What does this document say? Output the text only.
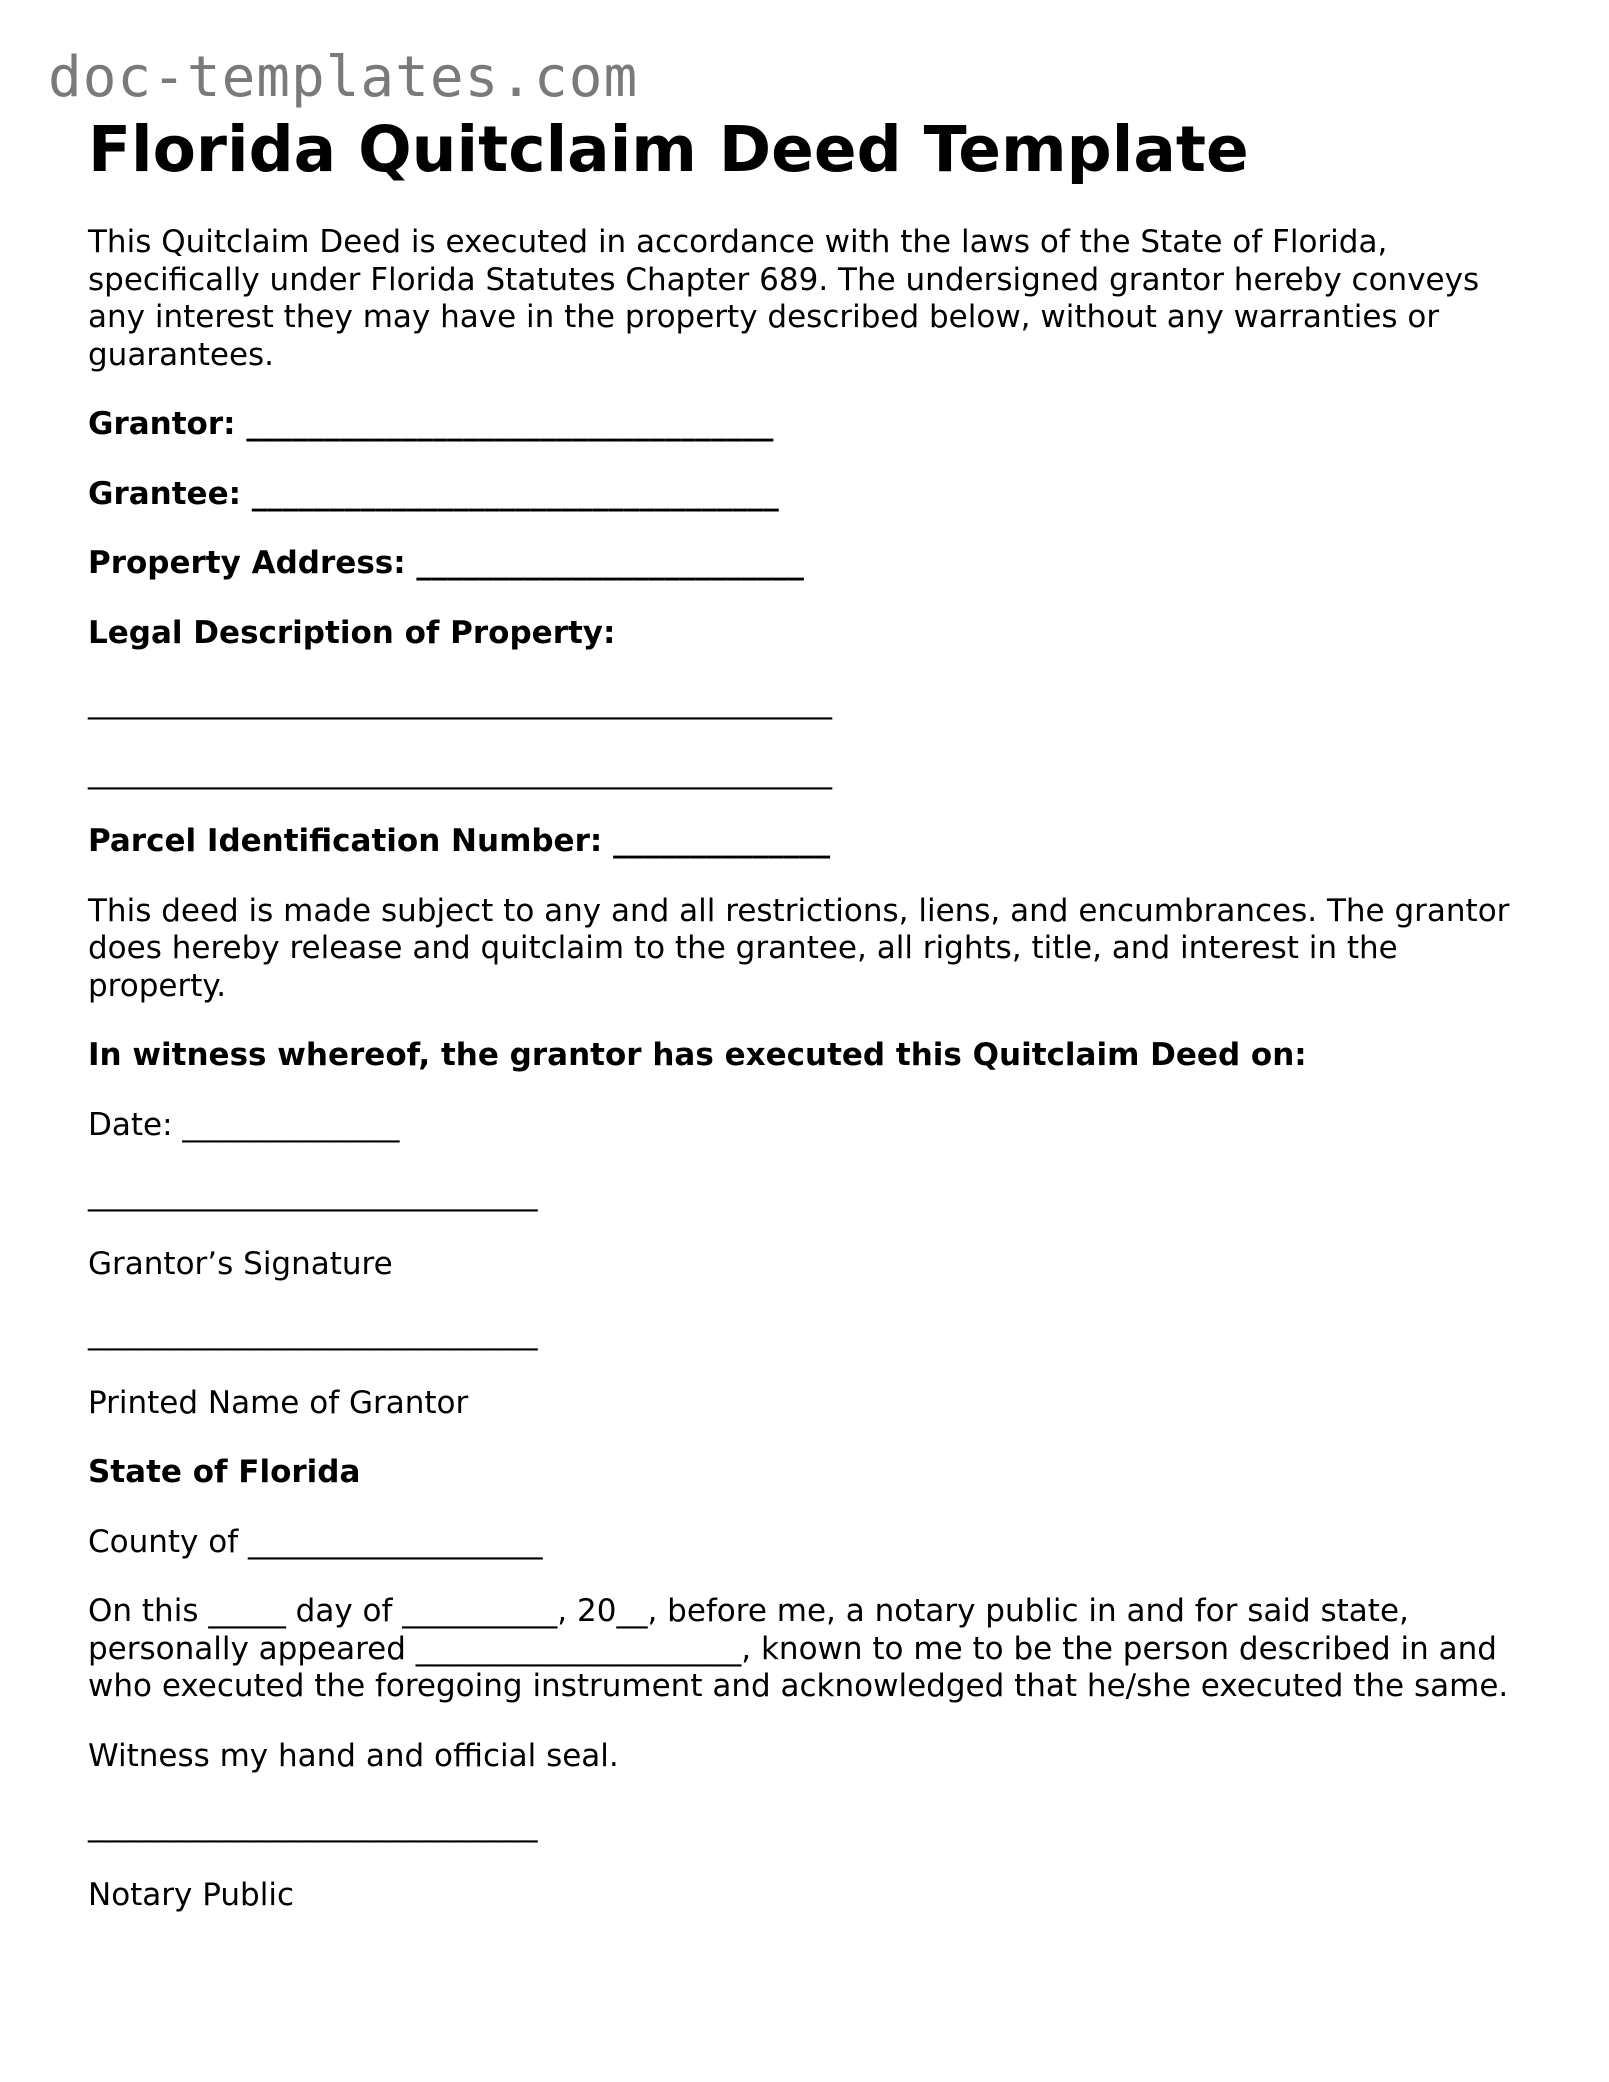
doc-templates.com
Florida Quitclaim Deed Template

This Quitclaim Deed is executed in accordance with the laws of the State of Florida, specifically under Florida Statutes Chapter 689. The undersigned grantor hereby conveys any interest they may have in the property described below, without any warranties or guarantees.

Grantor: __________________________________

Grantee: __________________________________

Property Address: _________________________

Legal Description of Property:

________________________________________________

________________________________________________

Parcel Identification Number: ______________

This deed is made subject to any and all restrictions, liens, and encumbrances. The grantor does hereby release and quitclaim to the grantee, all rights, title, and interest in the property.

In witness whereof, the grantor has executed this Quitclaim Deed on:

Date: ______________

_____________________________

Grantor’s Signature

_____________________________

Printed Name of Grantor

State of Florida

County of ___________________

On this _____ day of __________, 20__, before me, a notary public in and for said state, personally appeared _____________________, known to me to be the person described in and who executed the foregoing instrument and acknowledged that he/she executed the same.

Witness my hand and official seal.

_____________________________

Notary Public
